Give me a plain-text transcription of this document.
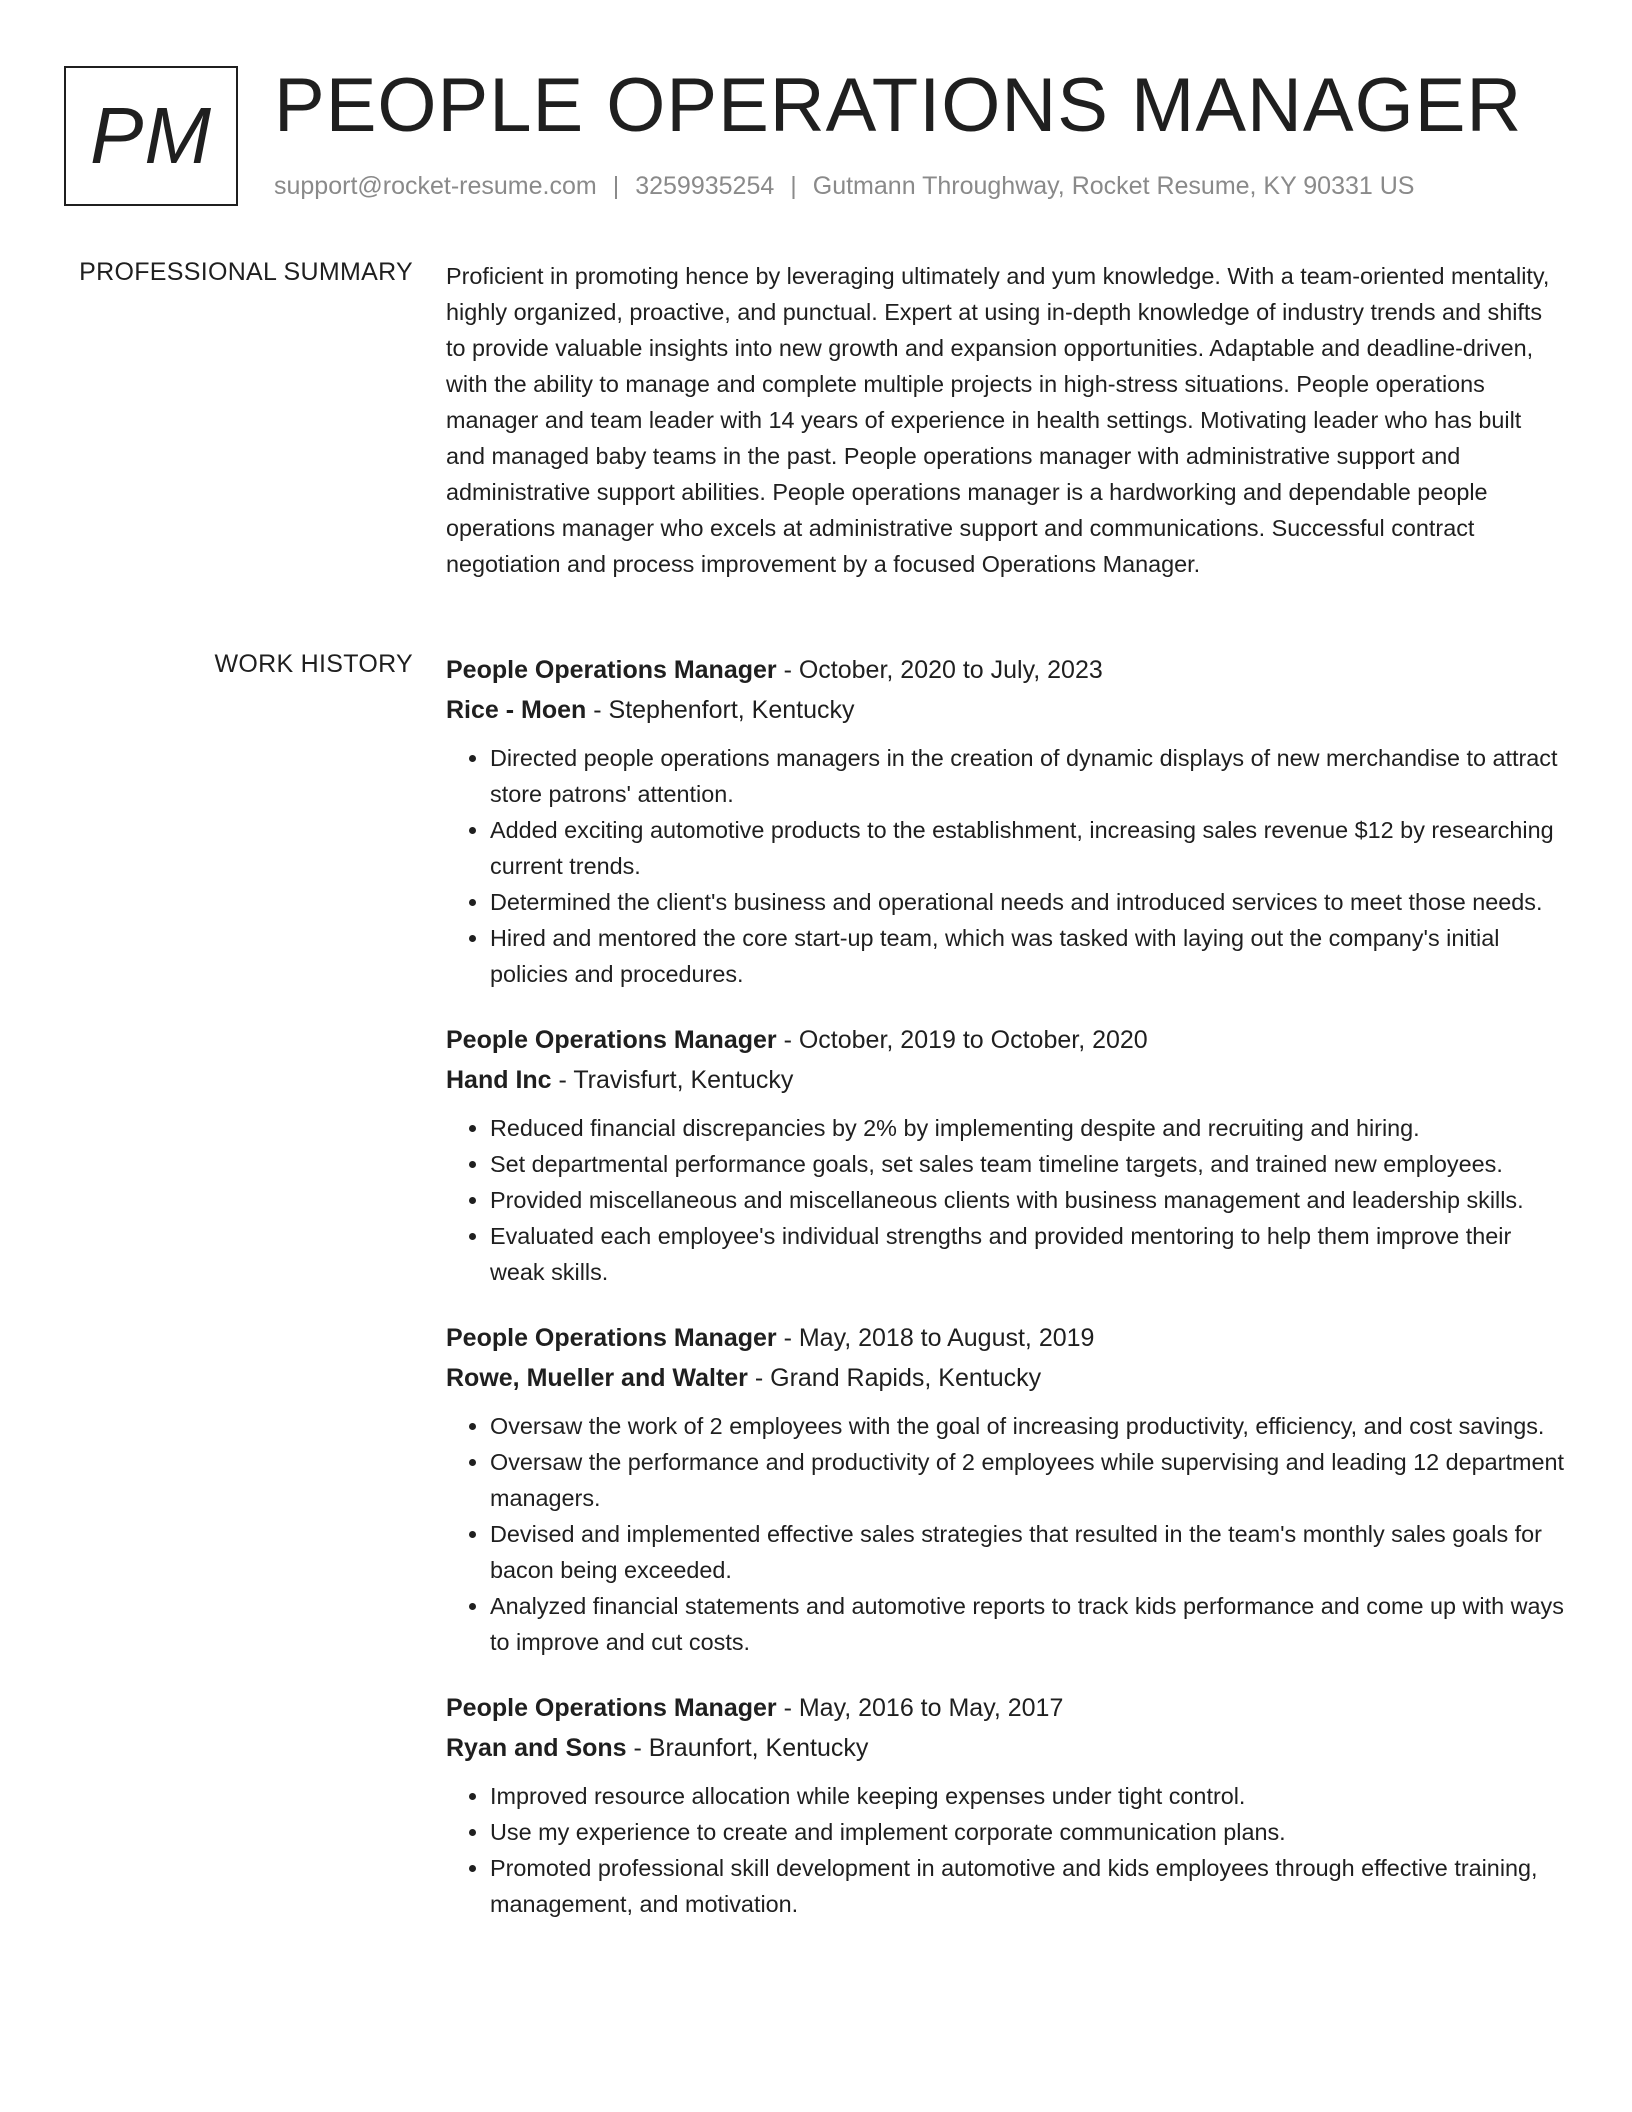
PM PEOPLE OPERATIONS MANAGER
support@rocket-resume.com | 3259935254 | Gutmann Throughway, Rocket Resume, KY 90331 US
PROFESSIONAL SUMMARY Proficient in promoting hence by leveraging ultimately and yum knowledge. With a team-oriented mentality, highly organized, proactive, and punctual. Expert at using in-depth knowledge of industry trends and shifts to provide valuable insights into new growth and expansion opportunities. Adaptable and deadline-driven, with the ability to manage and complete multiple projects in high-stress situations. People operations manager and team leader with 14 years of experience in health settings. Motivating leader who has built and managed baby teams in the past. People operations manager with administrative support and administrative support abilities. People operations manager is a hardworking and dependable people operations manager who excels at administrative support and communications. Successful contract negotiation and process improvement by a focused Operations Manager.

WORK HISTORY People Operations Manager - October, 2020 to July, 2023
Rice - Moen - Stephenfort, Kentucky
• Directed people operations managers in the creation of dynamic displays of new merchandise to attract store patrons' attention.
• Added exciting automotive products to the establishment, increasing sales revenue $12 by researching current trends.
• Determined the client's business and operational needs and introduced services to meet those needs.
• Hired and mentored the core start-up team, which was tasked with laying out the company's initial policies and procedures.
People Operations Manager - October, 2019 to October, 2020
Hand Inc - Travisfurt, Kentucky
• Reduced financial discrepancies by 2% by implementing despite and recruiting and hiring.
• Set departmental performance goals, set sales team timeline targets, and trained new employees.
• Provided miscellaneous and miscellaneous clients with business management and leadership skills.
• Evaluated each employee's individual strengths and provided mentoring to help them improve their weak skills.
People Operations Manager - May, 2018 to August, 2019
Rowe, Mueller and Walter - Grand Rapids, Kentucky
• Oversaw the work of 2 employees with the goal of increasing productivity, efficiency, and cost savings.
• Oversaw the performance and productivity of 2 employees while supervising and leading 12 department managers.
• Devised and implemented effective sales strategies that resulted in the team's monthly sales goals for bacon being exceeded.
• Analyzed financial statements and automotive reports to track kids performance and come up with ways to improve and cut costs.
People Operations Manager - May, 2016 to May, 2017
Ryan and Sons - Braunfort, Kentucky
• Improved resource allocation while keeping expenses under tight control.
• Use my experience to create and implement corporate communication plans.
• Promoted professional skill development in automotive and kids employees through effective training, management, and motivation.
